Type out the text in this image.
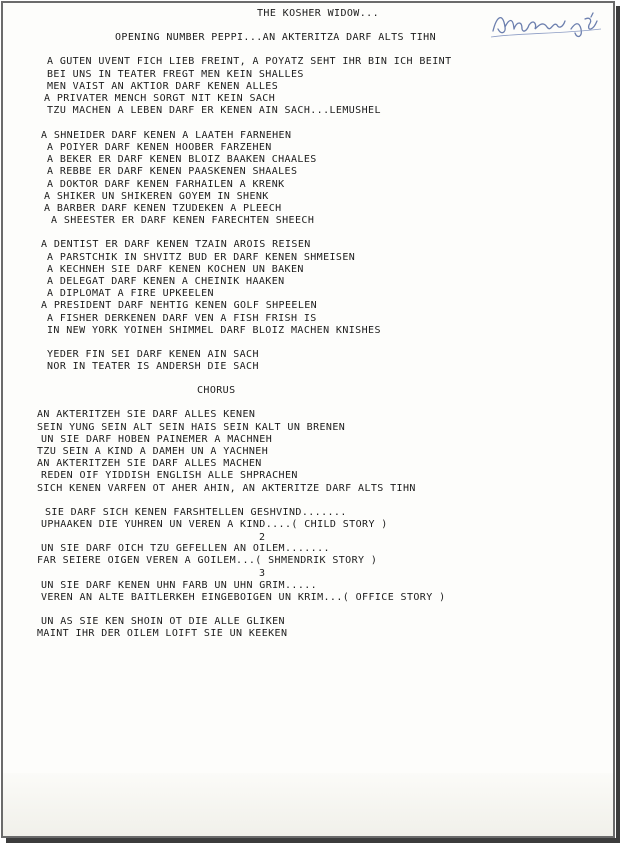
THE KOSHER WIDOW...

OPENING NUMBER PEPPI...AN AKTERITZA DARF ALTS TIHN

A GUTEN UVENT FICH LIEB FREINT, A POYATZ SEHT IHR BIN ICH BEINT

BEI UNS IN TEATER FREGT MEN KEIN SHALLES

MEN VAIST AN AKTIOR DARF KENEN ALLES

A PRIVATER MENCH SORGT NIT KEIN SACH

TZU MACHEN A LEBEN DARF ER KENEN AIN SACH...LEMUSHEL

A SHNEIDER DARF KENEN A LAATEH FARNEHEN

A POIYER DARF KENEN HOOBER FARZEHEN

A BEKER ER DARF KENEN BLOIZ BAAKEN CHAALES

A REBBE ER DARF KENEN PAASKENEN SHAALES

A DOKTOR DARF KENEN FARHAILEN A KRENK

A SHIKER UN SHIKEREN GOYEM IN SHENK

A BARBER DARF KENEN TZUDEKEN A PLEECH

A SHEESTER ER DARF KENEN FARECHTEN SHEECH

A DENTIST ER DARF KENEN TZAIN AROIS REISEN

A PARSTCHIK IN SHVITZ BUD ER DARF KENEN SHMEISEN

A KECHNEH SIE DARF KENEN KOCHEN UN BAKEN

A DELEGAT DARF KENEN A CHEINIK HAAKEN

A DIPLOMAT A FIRE UPKEELEN

A PRESIDENT DARF NEHTIG KENEN GOLF SHPEELEN

A FISHER DERKENEN DARF VEN A FISH FRISH IS

IN NEW YORK YOINEH SHIMMEL DARF BLOIZ MACHEN KNISHES

YEDER FIN SEI DARF KENEN AIN SACH

NOR IN TEATER IS ANDERSH DIE SACH

CHORUS

AN AKTERITZEH SIE DARF ALLES KENEN

SEIN YUNG SEIN ALT SEIN HAIS SEIN KALT UN BRENEN

UN SIE DARF HOBEN PAINEMER A MACHNEH

TZU SEIN A KIND A DAMEH UN A YACHNEH

AN AKTERITZEH SIE DARF ALLES MACHEN

REDEN OIF YIDDISH ENGLISH ALLE SHPRACHEN

SICH KENEN VARFEN OT AHER AHIN, AN AKTERITZE DARF ALTS TIHN

SIE DARF SICH KENEN FARSHTELLEN GESHVIND.......

UPHAAKEN DIE YUHREN UN VEREN A KIND....( CHILD STORY )

2

UN SIE DARF OICH TZU GEFELLEN AN OILEM.......

FAR SEIERE OIGEN VEREN A GOILEM...( SHMENDRIK STORY )

3

UN SIE DARF KENEN UHN FARB UN UHN GRIM.....

VEREN AN ALTE BAITLERKEH EINGEBOIGEN UN KRIM...( OFFICE STORY )

UN AS SIE KEN SHOIN OT DIE ALLE GLIKEN

MAINT IHR DER OILEM LOIFT SIE UN KEEKEN
